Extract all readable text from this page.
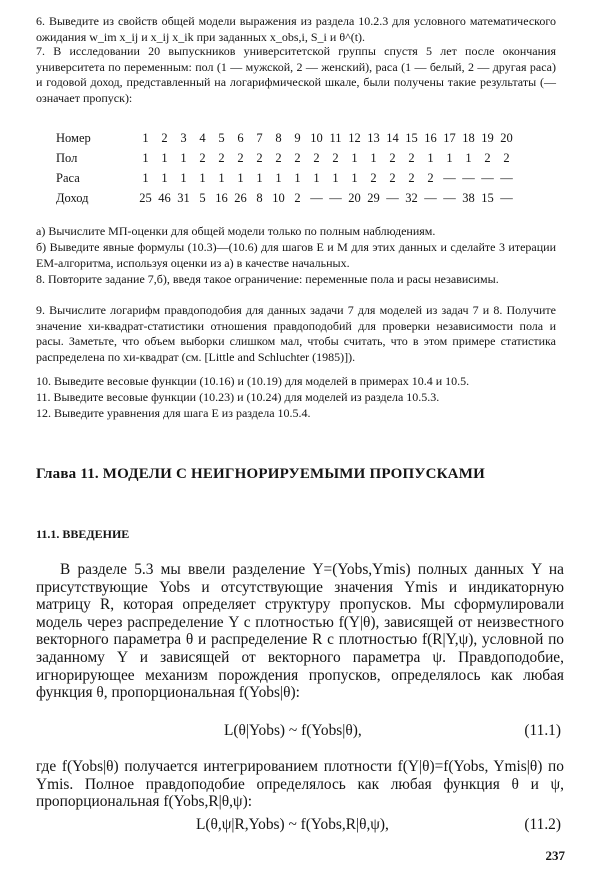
6. Выведите из свойств общей модели выражения из раздела 10.2.3 для условного математического ожидания w_im x_ij и x_ij x_ik при заданных x_obs,i, S_i и θ^(t).

7. В исследовании 20 выпускников университетской группы спустя 5 лет после окончания университета по переменным: пол (1 — мужской, 2 — женский), раса (1 — белый, 2 — другая раса) и годовой доход, представленный на логарифмической шкале, были получены такие результаты (— означает пропуск):

Номер	1	2	3	4	5	6	7	8	9	10	11	12	13	14	15	16	17	18	19	20
Пол	1	1	1	2	2	2	2	2	2	2	2	1	1	2	2	1	1	1	2	2
Раса	1	1	1	1	1	1	1	1	1	1	1	1	2	2	2	2	—	—	—	—
Доход	25	46	31	5	16	26	8	10	2	—	—	20	29	—	32	—	—	38	15	—

а) Вычислите МП-оценки для общей модели только по полным наблюдениям.

б) Выведите явные формулы (10.3)—(10.6) для шагов E и M для этих данных и сделайте 3 итерации EM-алгоритма, используя оценки из а) в качестве начальных.

8. Повторите задание 7,б), введя такое ограничение: переменные пола и расы независимы.

9. Вычислите логарифм правдоподобия для данных задачи 7 для моделей из задач 7 и 8. Получите значение хи-квадрат-статистики отношения правдоподобий для проверки независимости пола и расы. Заметьте, что объем выборки слишком мал, чтобы считать, что в этом примере статистика распределена по хи-квадрат (см. [Little and Schluchter (1985)]).

10. Выведите весовые функции (10.16) и (10.19) для моделей в примерах 10.4 и 10.5.

11. Выведите весовые функции (10.23) и (10.24) для моделей из раздела 10.5.3.

12. Выведите уравнения для шага E из раздела 10.5.4.

Глава 11. МОДЕЛИ С НЕИГНОРИРУЕМЫМИ ПРОПУСКАМИ
11.1. ВВЕДЕНИЕ

В разделе 5.3 мы ввели разделение Y=(Yobs,Ymis) полных данных Y на присутствующие Yobs и отсутствующие значения Ymis и индикаторную матрицу R, которая определяет структуру пропусков. Мы сформулировали модель через распределение Y с плотностью f(Y|θ), зависящей от неизвестного векторного параметра θ и распределение R с плотностью f(R|Y,ψ), условной по заданному Y и зависящей от векторного параметра ψ. Правдоподобие, игнорирующее механизм порождения пропусков, определялось как любая функция θ, пропорциональная f(Yobs|θ):

L(θ|Yobs) ~ f(Yobs|θ),	(11.1)

где f(Yobs|θ) получается интегрированием плотности f(Y|θ)=f(Yobs, Ymis|θ) по Ymis. Полное правдоподобие определялось как любая функция θ и ψ, пропорциональная f(Yobs,R|θ,ψ):

L(θ,ψ|R,Yobs) ~ f(Yobs,R|θ,ψ),	(11.2)
237
